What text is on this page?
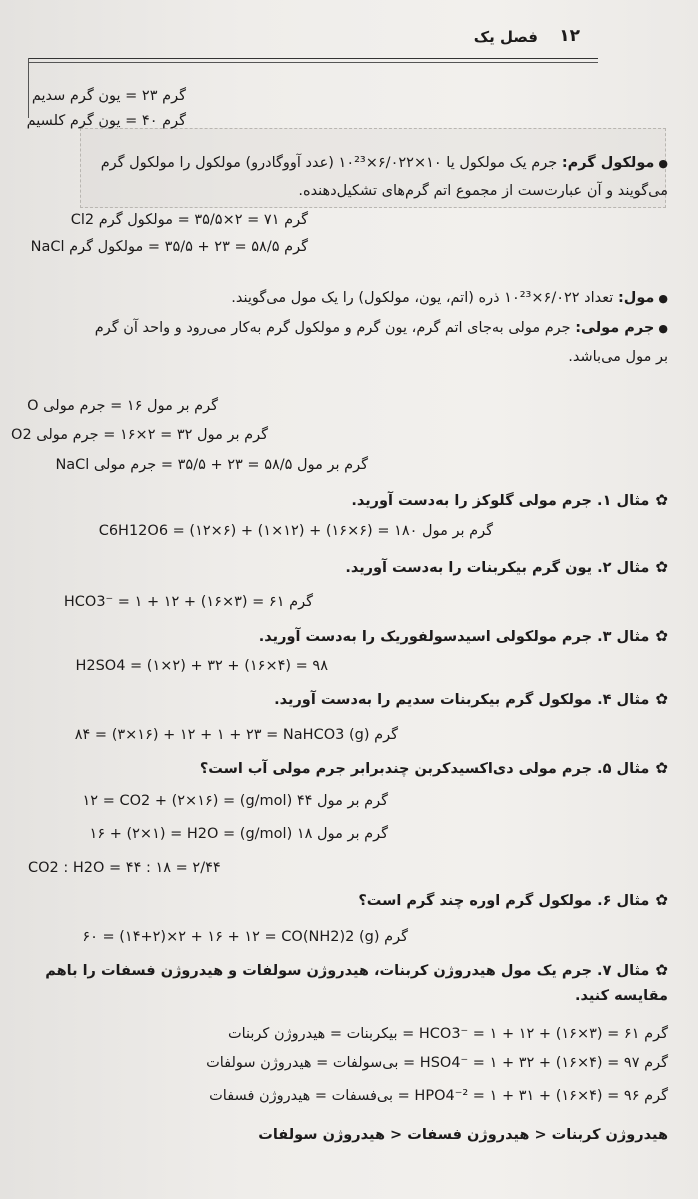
۱۲
فصل یک
گرم ۲۳ = یون گرم سدیم
گرم ۴۰ = یون گرم کلسیم
● مولکول گرم: جرم یک مولکول یا ۱۰×۶/۰۲۲×۱۰²³ (عدد آووگادرو) مولکول را مولکول گرم
می‌گویند و آن عبارت‌ست از مجموع اتم گرم‌های تشکیل‌دهنده.
گرم ۷۱ = ۲×۳۵/۵ = مولکول گرم Cl2
گرم ۵۸/۵ = ۲۳ + ۳۵/۵ = مولکول گرم NaCl
● مول: تعداد ۶/۰۲۲×۱۰²³ ذره (اتم، یون، مولکول) را یک مول می‌گویند.
● جرم مولی: جرم مولی به‌جای اتم گرم، یون گرم و مولکول گرم به‌کار می‌رود و واحد آن گرم
بر مول می‌باشد.
گرم بر مول ۱۶ = جرم مولی O
گرم بر مول ۳۲ = ۲×۱۶ = جرم مولی O2
گرم بر مول ۵۸/۵ = ۲۳ + ۳۵/۵ = جرم مولی NaCl
✿مثال ۱. جرم مولی گلوکز را به‌دست آورید.
گرم بر مول ۱۸۰ = (۶×۱۶) + (۱۲×۱) + (۶×۱۲) = C6H12O6
✿مثال ۲. یون گرم بیکربنات را به‌دست آورید.
گرم ۶۱ = (۳×۱۶) + ۱۲ + ۱ = ⁻HCO3
✿مثال ۳. جرم مولکولی اسیدسولفوریک را به‌دست آورید.
۹۸ = (۴×۱۶) + ۳۲ + (۲×۱) = H2SO4
✿مثال ۴. مولکول گرم بیکربنات سدیم را به‌دست آورید.
گرم (g) ۸۴ = (۳×۱۶) + ۱۲ + ۱ + ۲۳ = NaHCO3
✿مثال ۵. جرم مولی دی‌اکسیدکربن چندبرابر جرم مولی آب است؟
گرم بر مول ۴۴ (g/mol) = (۲×۱۶) + ۱۲ = CO2
گرم بر مول ۱۸ (g/mol) = ۱۶ + (۲×۱) = H2O
CO2 : H2O = ۴۴ : ۱۸ = ۲/۴۴
✿مثال ۶. مولکول گرم اوره چند گرم است؟
گرم (g) ۶۰ = (۱۴+۲)×۲ + ۱۶ + ۱۲ = CO(NH2)2
✿مثال ۷. جرم یک مول هیدروژن کربنات، هیدروژن سولفات و هیدروژن فسفات را باهم
مقایسه کنید.
گرم ۶۱ = (۳×۱۶) + ۱۲ + ۱ = ⁻HCO3 = بیکربنات = هیدروژن کربنات
گرم ۹۷ = (۴×۱۶) + ۳۲ + ۱ = ⁻HSO4 = بی‌سولفات = هیدروژن سولفات
گرم ۹۶ = (۴×۱۶) + ۳۱ + ۱ = ²⁻HPO4 = بی‌فسفات = هیدروژن فسفات
هیدروژن کربنات < هیدروژن فسفات < هیدروژن سولفات
